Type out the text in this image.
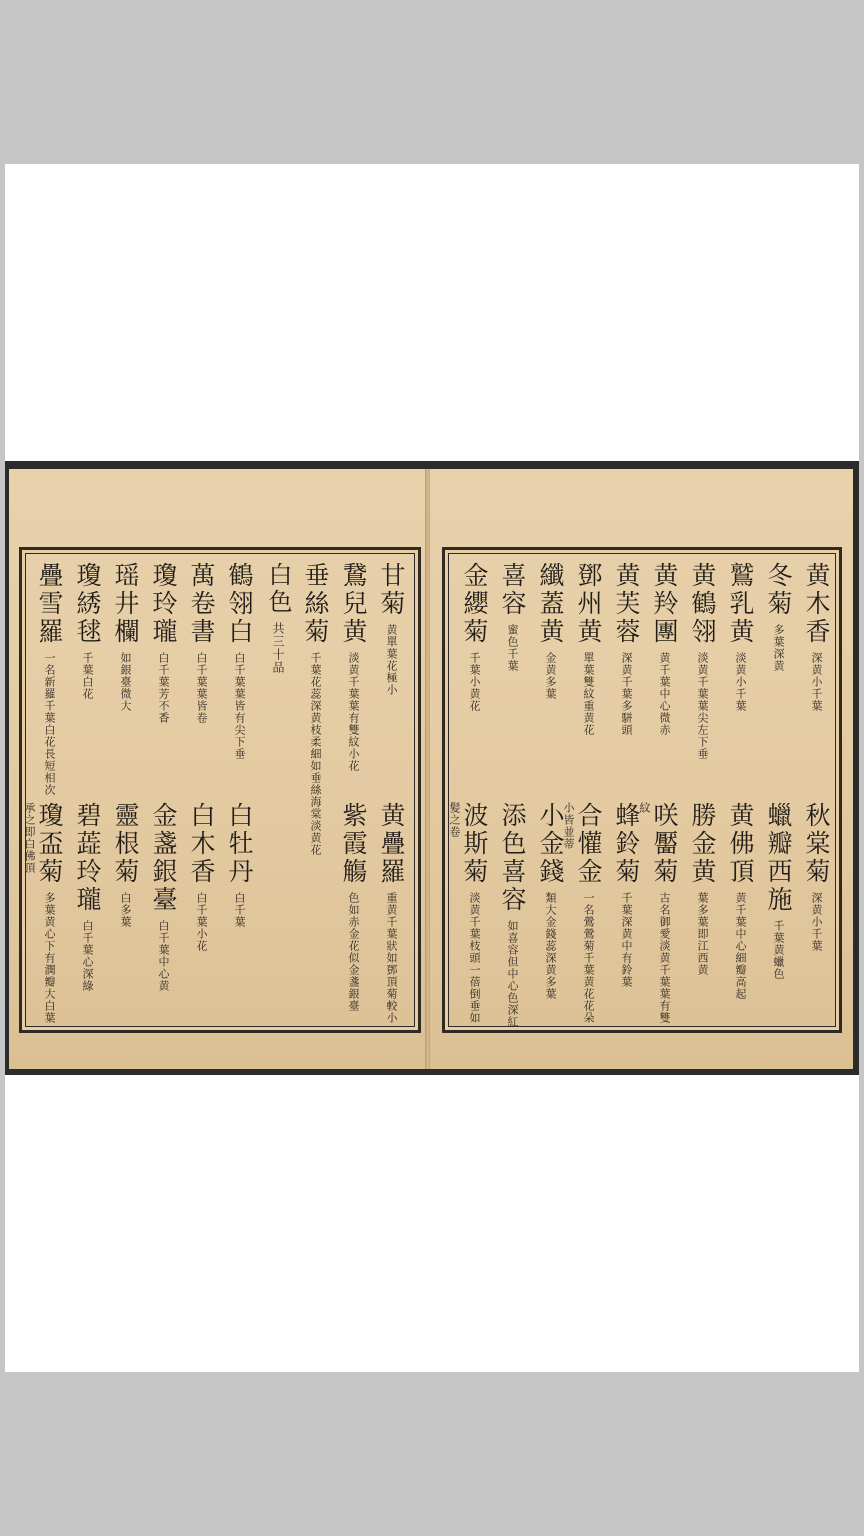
甘菊黄單葉花極小
鵞兒黄淡黄千葉葉有雙紋小花
垂絲菊千葉花蕊深黄枝柔細如垂絲海棠淡黄花
白色共三十品
鶴翎白白千葉葉皆有尖下垂
萬卷書白千葉葉皆卷
瓊玲瓏白千葉芳不香
瑶井欄如銀臺微大
瓊綉毬千葉白花
疊雪羅一名新羅千葉白花長短相次
黄疊羅重黄千葉狀如鄧頂菊較小
紫霞觴色如赤金花似金盞銀臺
白牡丹白千葉
白木香白千葉小花
金盞銀臺白千葉中心黄
靈根菊白多葉
碧蕋玲瓏白千葉心深綠
瓊盃菊多葉黄心下有潤瓣大白葉承之即白佛頂
黄木香深黄小千葉
冬菊多葉深黄
鷲乳黄淡黄小千葉
黄鶴翎淡黄千葉葉尖左下垂
黄羚團黄千葉中心微赤
黄芙蓉深黄千葉多駢頭
鄧州黄單葉雙紋重黄花
纖蓋黄金黄多葉
喜容蜜色千葉
金纓菊千葉小黄花
秋棠菊深黄小千葉
蠟瓣西施千葉黄蠟色
黄佛頂黄千葉中心細瓣高起
勝金黄葉多葉即江西黄
咲靨菊古名御愛淡黄千葉葉有雙紋
蜂鈴菊千葉深黄中有鈴葉
合懽金一名鶯鶯菊千葉黄花花朵小皆並蒂
小金錢類大金錢蕊深黄多葉
添色喜容如喜容但中心色深紅
波斯菊淡黄千葉枝頭一蓓倒垂如髪之卷
